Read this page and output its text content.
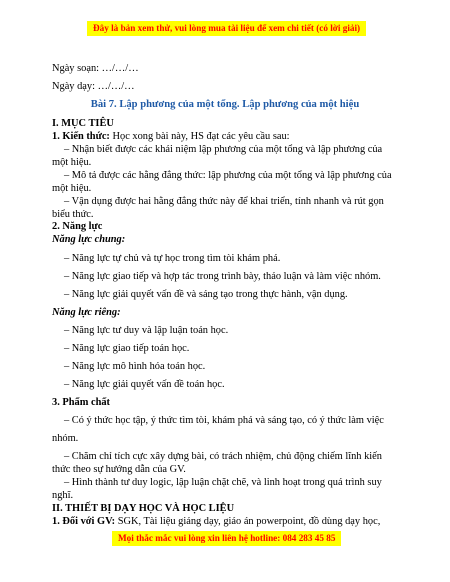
Đây là bản xem thử, vui lòng mua tài liệu để xem chi tiết (có lời giải)
Ngày soạn: …/…/…
Ngày dạy: …/…/…
Bài 7. Lập phương của một tổng. Lập phương của một hiệu
I. MỤC TIÊU
1. Kiến thức: Học xong bài này, HS đạt các yêu cầu sau:
– Nhận biết được các khái niệm lập phương của một tổng và lập phương của
một hiệu.
– Mô tả được các hằng đẳng thức: lập phương của một tổng và lập phương của
một hiệu.
– Vận dụng được hai hằng đẳng thức này để khai triển, tính nhanh và rút gọn
biểu thức.
2. Năng lực
Năng lực chung:
– Năng lực tự chủ và tự học trong tìm tòi khám phá.
– Năng lực giao tiếp và hợp tác trong trình bày, thảo luận và làm việc nhóm.
– Năng lực giải quyết vấn đề và sáng tạo trong thực hành, vận dụng.
Năng lực riêng:
– Năng lực tư duy và lập luận toán học.
– Năng lực giao tiếp toán học.
– Năng lực mô hình hóa toán học.
– Năng lực giải quyết vấn đề toán học.
3. Phẩm chất
– Có ý thức học tập, ý thức tìm tòi, khám phá và sáng tạo, có ý thức làm việc
nhóm.
– Chăm chỉ tích cực xây dựng bài, có trách nhiệm, chủ động chiếm lĩnh kiến
thức theo sự hướng dẫn của GV.
– Hình thành tư duy logic, lập luận chặt chẽ, và linh hoạt trong quá trình suy
nghĩ.
II. THIẾT BỊ DẠY HỌC VÀ HỌC LIỆU
1. Đối với GV: SGK, Tài liệu giảng dạy, giáo án powerpoint, đồ dùng dạy học,
Mọi thắc mắc vui lòng xin liên hệ hotline: 084 283 45 85
